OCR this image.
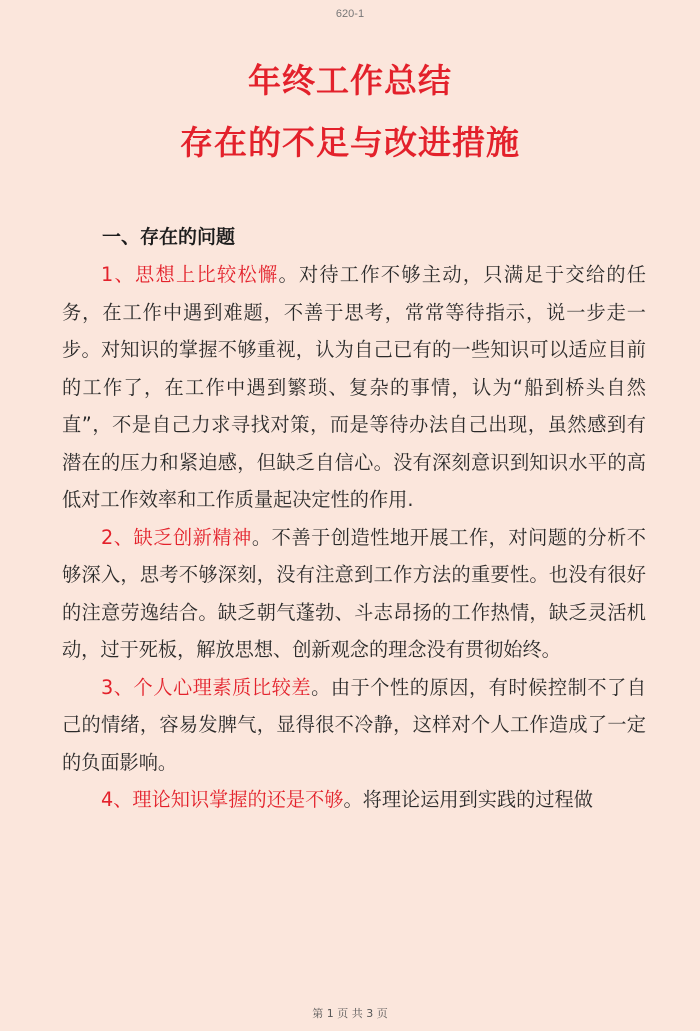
620-1
年终工作总结
存在的不足与改进措施
一、存在的问题

1、思想上比较松懈。对待工作不够主动，只满足于交给的任务，在工作中遇到难题，不善于思考，常常等待指示，说一步走一步。对知识的掌握不够重视，认为自己已有的一些知识可以适应目前的工作了，在工作中遇到繁琐、复杂的事情，认为“船到桥头自然直”，不是自己力求寻找对策，而是等待办法自己出现，虽然感到有潜在的压力和紧迫感，但缺乏自信心。没有深刻意识到知识水平的高低对工作效率和工作质量起决定性的作用.

2、缺乏创新精神。不善于创造性地开展工作，对问题的分析不够深入，思考不够深刻，没有注意到工作方法的重要性。也没有很好的注意劳逸结合。缺乏朝气蓬勃、斗志昂扬的工作热情，缺乏灵活机动，过于死板，解放思想、创新观念的理念没有贯彻始终。

3、个人心理素质比较差。由于个性的原因，有时候控制不了自己的情绪，容易发脾气，显得很不冷静，这样对个人工作造成了一定的负面影响。

4、理论知识掌握的还是不够。将理论运用到实践的过程做

第 1 页 共 3 页
